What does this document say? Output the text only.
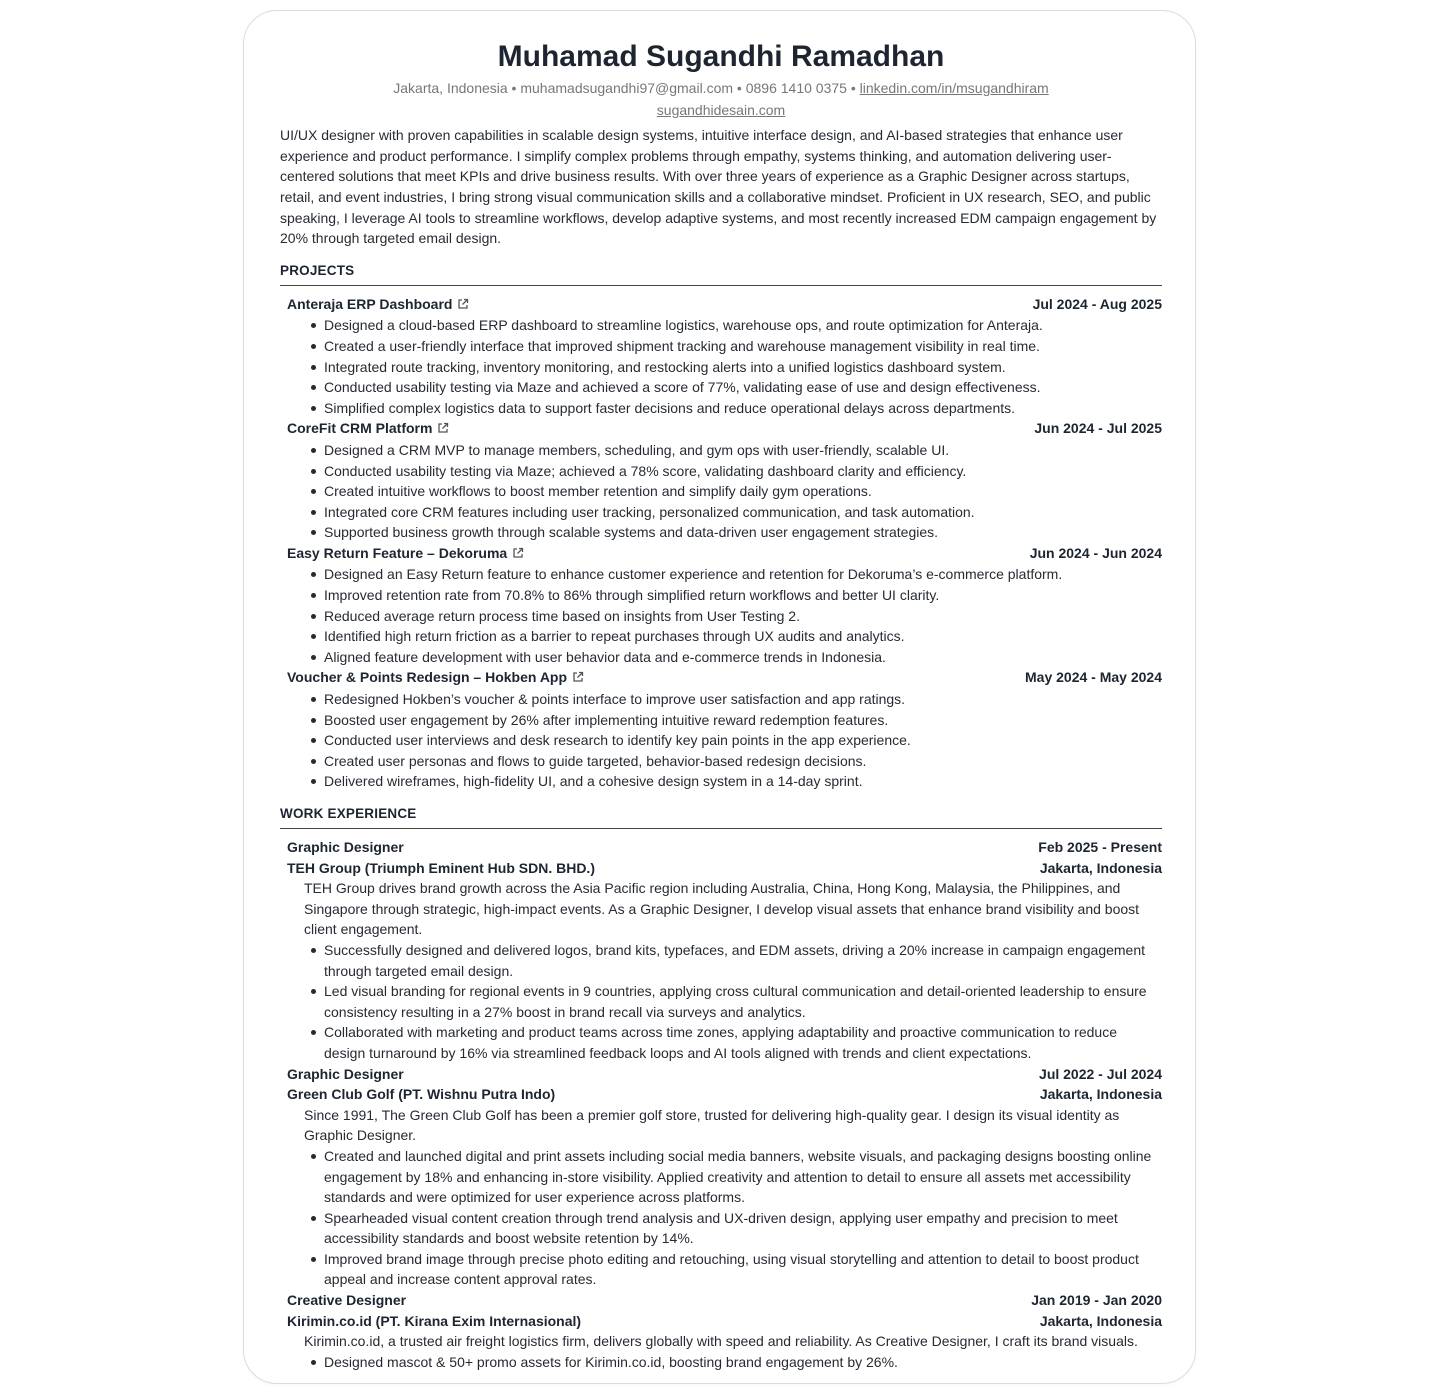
Muhamad Sugandhi Ramadhan
Jakarta, Indonesia • muhamadsugandhi97@gmail.com • 0896 1410 0375 • linkedin.com/in/msugandhiram
sugandhidesain.com
UI/UX designer with proven capabilities in scalable design systems, intuitive interface design, and AI-based strategies that enhance user experience and product performance. I simplify complex problems through empathy, systems thinking, and automation delivering user-centered solutions that meet KPIs and drive business results. With over three years of experience as a Graphic Designer across startups, retail, and event industries, I bring strong visual communication skills and a collaborative mindset. Proficient in UX research, SEO, and public speaking, I leverage AI tools to streamline workflows, develop adaptive systems, and most recently increased EDM campaign engagement by 20% through targeted email design.
PROJECTS
Anteraja ERP Dashboard	Jul 2024 - Aug 2025
Designed a cloud-based ERP dashboard to streamline logistics, warehouse ops, and route optimization for Anteraja.
Created a user-friendly interface that improved shipment tracking and warehouse management visibility in real time.
Integrated route tracking, inventory monitoring, and restocking alerts into a unified logistics dashboard system.
Conducted usability testing via Maze and achieved a score of 77%, validating ease of use and design effectiveness.
Simplified complex logistics data to support faster decisions and reduce operational delays across departments.
CoreFit CRM Platform	Jun 2024 - Jul 2025
Designed a CRM MVP to manage members, scheduling, and gym ops with user-friendly, scalable UI.
Conducted usability testing via Maze; achieved a 78% score, validating dashboard clarity and efficiency.
Created intuitive workflows to boost member retention and simplify daily gym operations.
Integrated core CRM features including user tracking, personalized communication, and task automation.
Supported business growth through scalable systems and data-driven user engagement strategies.
Easy Return Feature – Dekoruma	Jun 2024 - Jun 2024
Designed an Easy Return feature to enhance customer experience and retention for Dekoruma’s e-commerce platform.
Improved retention rate from 70.8% to 86% through simplified return workflows and better UI clarity.
Reduced average return process time based on insights from User Testing 2.
Identified high return friction as a barrier to repeat purchases through UX audits and analytics.
Aligned feature development with user behavior data and e-commerce trends in Indonesia.
Voucher & Points Redesign – Hokben App	May 2024 - May 2024
Redesigned Hokben’s voucher & points interface to improve user satisfaction and app ratings.
Boosted user engagement by 26% after implementing intuitive reward redemption features.
Conducted user interviews and desk research to identify key pain points in the app experience.
Created user personas and flows to guide targeted, behavior-based redesign decisions.
Delivered wireframes, high-fidelity UI, and a cohesive design system in a 14-day sprint.
WORK EXPERIENCE
Graphic Designer	Feb 2025 - Present
TEH Group (Triumph Eminent Hub SDN. BHD.)	Jakarta, Indonesia
TEH Group drives brand growth across the Asia Pacific region including Australia, China, Hong Kong, Malaysia, the Philippines, and Singapore through strategic, high-impact events. As a Graphic Designer, I develop visual assets that enhance brand visibility and boost client engagement.
Successfully designed and delivered logos, brand kits, typefaces, and EDM assets, driving a 20% increase in campaign engagement through targeted email design.
Led visual branding for regional events in 9 countries, applying cross cultural communication and detail-oriented leadership to ensure consistency resulting in a 27% boost in brand recall via surveys and analytics.
Collaborated with marketing and product teams across time zones, applying adaptability and proactive communication to reduce design turnaround by 16% via streamlined feedback loops and AI tools aligned with trends and client expectations.
Graphic Designer	Jul 2022 - Jul 2024
Green Club Golf (PT. Wishnu Putra Indo)	Jakarta, Indonesia
Since 1991, The Green Club Golf has been a premier golf store, trusted for delivering high-quality gear. I design its visual identity as Graphic Designer.
Created and launched digital and print assets including social media banners, website visuals, and packaging designs boosting online engagement by 18% and enhancing in-store visibility. Applied creativity and attention to detail to ensure all assets met accessibility standards and were optimized for user experience across platforms.
Spearheaded visual content creation through trend analysis and UX-driven design, applying user empathy and precision to meet accessibility standards and boost website retention by 14%.
Improved brand image through precise photo editing and retouching, using visual storytelling and attention to detail to boost product appeal and increase content approval rates.
Creative Designer	Jan 2019 - Jan 2020
Kirimin.co.id (PT. Kirana Exim Internasional)	Jakarta, Indonesia
Kirimin.co.id, a trusted air freight logistics firm, delivers globally with speed and reliability. As Creative Designer, I craft its brand visuals.
Designed mascot & 50+ promo assets for Kirimin.co.id, boosting brand engagement by 26%.
